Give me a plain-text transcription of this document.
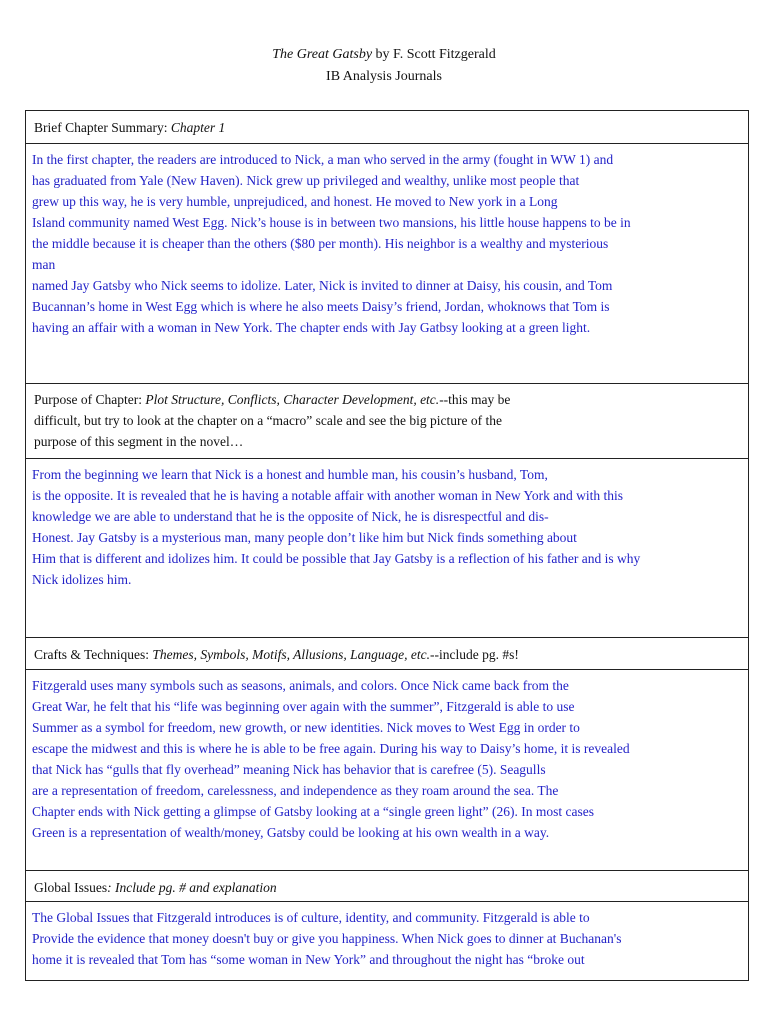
The Great Gatsby by F. Scott Fitzgerald
IB Analysis Journals
Brief Chapter Summary: Chapter 1
In the first chapter, the readers are introduced to Nick, a man who served in the army (fought in WW 1) and
has graduated from Yale (New Haven). Nick grew up privileged and wealthy, unlike most people that
grew up this way, he is very humble, unprejudiced, and honest. He moved to New york in a Long
Island community named West Egg. Nick’s house is in between two mansions, his little house happens to be in
the middle because it is cheaper than the others ($80 per month). His neighbor is a wealthy and mysterious
man
named Jay Gatsby who Nick seems to idolize. Later, Nick is invited to dinner at Daisy, his cousin, and Tom
Bucannan’s home in West Egg which is where he also meets Daisy’s friend, Jordan, whoknows that Tom is
having an affair with a woman in New York. The chapter ends with Jay Gatbsy looking at a green light.
Purpose of Chapter: Plot Structure, Conflicts, Character Development, etc.--this may be
difficult, but try to look at the chapter on a “macro” scale and see the big picture of the
purpose of this segment in the novel…
From the beginning we learn that Nick is a honest and humble man, his cousin’s husband, Tom,
is the opposite. It is revealed that he is having a notable affair with another woman in New York and with this
knowledge we are able to understand that he is the opposite of Nick, he is disrespectful and dis-
Honest. Jay Gatsby is a mysterious man, many people don’t like him but Nick finds something about
Him that is different and idolizes him. It could be possible that Jay Gatsby is a reflection of his father and is why
Nick idolizes him.
Crafts & Techniques: Themes, Symbols, Motifs, Allusions, Language, etc.--include pg. #s!
Fitzgerald uses many symbols such as seasons, animals, and colors. Once Nick came back from the
Great War, he felt that his “life was beginning over again with the summer”, Fitzgerald is able to use
Summer as a symbol for freedom, new growth, or new identities. Nick moves to West Egg in order to
escape the midwest and this is where he is able to be free again. During his way to Daisy’s home, it is revealed
that Nick has “gulls that fly overhead” meaning Nick has behavior that is carefree (5). Seagulls
are a representation of freedom, carelessness, and independence as they roam around the sea. The
Chapter ends with Nick getting a glimpse of Gatsby looking at a “single green light” (26). In most cases
Green is a representation of wealth/money, Gatsby could be looking at his own wealth in a way.
Global Issues: Include pg. # and explanation
The Global Issues that Fitzgerald introduces is of culture, identity, and community. Fitzgerald is able to
Provide the evidence that money doesn't buy or give you happiness. When Nick goes to dinner at Buchanan's
home it is revealed that Tom has “some woman in New York” and throughout the night has “broke out
